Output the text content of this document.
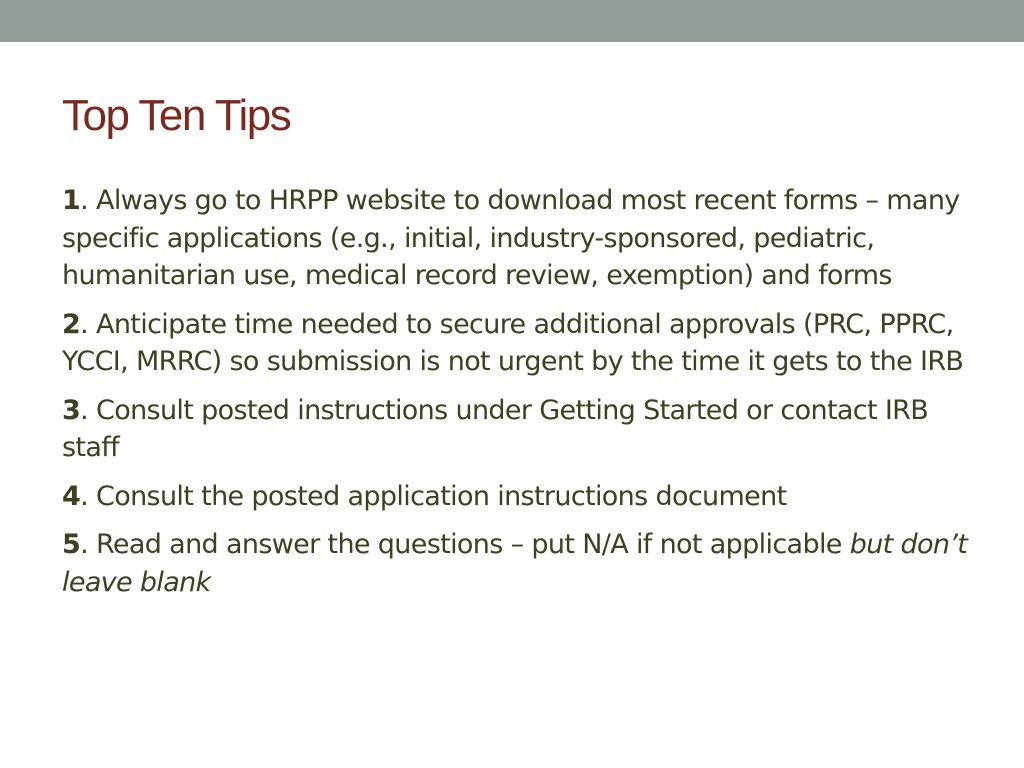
Top Ten Tips
1. Always go to HRPP website to download most recent forms – many specific applications (e.g., initial, industry-sponsored, pediatric, humanitarian use, medical record review, exemption) and forms
2. Anticipate time needed to secure additional approvals (PRC, PPRC, YCCI, MRRC) so submission is not urgent by the time it gets to the IRB
3. Consult posted instructions under Getting Started or contact IRB staff
4. Consult the posted application instructions document
5. Read and answer the questions – put N/A if not applicable but don’t leave blank
